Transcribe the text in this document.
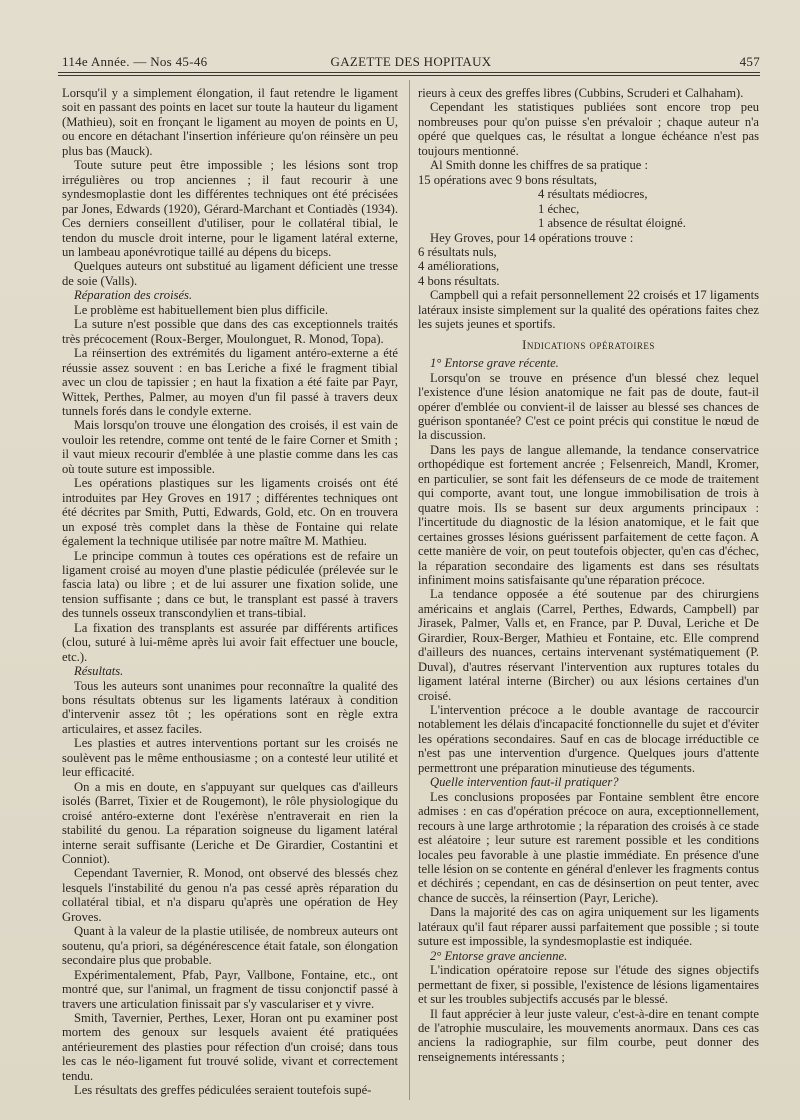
114e Année. — Nos 45-46	GAZETTE DES HOPITAUX	457

Lorsqu'il y a simplement élongation, il faut retendre le ligament soit en passant des points en lacet sur toute la hauteur du ligament (Mathieu), soit en fronçant le ligament au moyen de points en U, ou encore en détachant l'insertion inférieure qu'on réinsère un peu plus bas (Mauck).

Toute suture peut être impossible ; les lésions sont trop irrégulières ou trop anciennes ; il faut recourir à une syndesmoplastie dont les différentes techniques ont été précisées par Jones, Edwards (1920), Gérard-Marchant et Contiadès (1934). Ces derniers conseillent d'utiliser, pour le collatéral tibial, le tendon du muscle droit interne, pour le ligament latéral externe, un lambeau aponévrotique taillé au dépens du biceps.

Quelques auteurs ont substitué au ligament déficient une tresse de soie (Valls).

Réparation des croisés.

Le problème est habituellement bien plus difficile.

La suture n'est possible que dans des cas exceptionnels traités très précocement (Roux-Berger, Moulonguet, R. Monod, Topa).

La réinsertion des extrémités du ligament antéro-externe a été réussie assez souvent : en bas Leriche a fixé le fragment tibial avec un clou de tapissier ; en haut la fixation a été faite par Payr, Wittek, Perthes, Palmer, au moyen d'un fil passé à travers deux tunnels forés dans le condyle externe.

Mais lorsqu'on trouve une élongation des croisés, il est vain de vouloir les retendre, comme ont tenté de le faire Corner et Smith ; il vaut mieux recourir d'emblée à une plastie comme dans les cas où toute suture est impossible.

Les opérations plastiques sur les ligaments croisés ont été introduites par Hey Groves en 1917 ; différentes techniques ont été décrites par Smith, Putti, Edwards, Gold, etc. On en trouvera un exposé très complet dans la thèse de Fontaine qui relate également la technique utilisée par notre maître M. Mathieu.

Le principe commun à toutes ces opérations est de refaire un ligament croisé au moyen d'une plastie pédiculée (prélevée sur le fascia lata) ou libre ; et de lui assurer une fixation solide, une tension suffisante ; dans ce but, le transplant est passé à travers des tunnels osseux transcondylien et trans-tibial.

La fixation des transplants est assurée par différents artifices (clou, suturé à lui-même après lui avoir fait effectuer une boucle, etc.).

Résultats.

Tous les auteurs sont unanimes pour reconnaître la qualité des bons résultats obtenus sur les ligaments latéraux à condition d'intervenir assez tôt ; les opérations sont en règle extra articulaires, et assez faciles.

Les plasties et autres interventions portant sur les croisés ne soulèvent pas le même enthousiasme ; on a contesté leur utilité et leur efficacité.

On a mis en doute, en s'appuyant sur quelques cas d'ailleurs isolés (Barret, Tixier et de Rougemont), le rôle physiologique du croisé antéro-externe dont l'exérèse n'entraverait en rien la stabilité du genou. La réparation soigneuse du ligament latéral interne serait suffisante (Leriche et De Girardier, Costantini et Conniot).

Cependant Tavernier, R. Monod, ont observé des blessés chez lesquels l'instabilité du genou n'a pas cessé après réparation du collatéral tibial, et n'a disparu qu'après une opération de Hey Groves.

Quant à la valeur de la plastie utilisée, de nombreux auteurs ont soutenu, qu'a priori, sa dégénérescence était fatale, son élongation secondaire plus que probable.

Expérimentalement, Pfab, Payr, Vallbone, Fontaine, etc., ont montré que, sur l'animal, un fragment de tissu conjonctif passé à travers une articulation finissait par s'y vasculariser et y vivre.

Smith, Tavernier, Perthes, Lexer, Horan ont pu examiner post mortem des genoux sur lesquels avaient été pratiquées antérieurement des plasties pour réfection d'un croisé; dans tous les cas le néo-ligament fut trouvé solide, vivant et correctement tendu.

Les résultats des greffes pédiculées seraient toutefois supé-

rieurs à ceux des greffes libres (Cubbins, Scruderi et Calhaham).

Cependant les statistiques publiées sont encore trop peu nombreuses pour qu'on puisse s'en prévaloir ; chaque auteur n'a opéré que quelques cas, le résultat a longue échéance n'est pas toujours mentionné.

Al Smith donne les chiffres de sa pratique :

15 opérations avec 9 bons résultats,

4 résultats médiocres,

1 échec,

1 absence de résultat éloigné.

Hey Groves, pour 14 opérations trouve :

6 résultats nuls,

4 améliorations,

4 bons résultats.

Campbell qui a refait personnellement 22 croisés et 17 ligaments latéraux insiste simplement sur la qualité des opérations faites chez les sujets jeunes et sportifs.

Indications opératoires

1° Entorse grave récente.

Lorsqu'on se trouve en présence d'un blessé chez lequel l'existence d'une lésion anatomique ne fait pas de doute, faut-il opérer d'emblée ou convient-il de laisser au blessé ses chances de guérison spontanée? C'est ce point précis qui constitue le nœud de la discussion.

Dans les pays de langue allemande, la tendance conservatrice orthopédique est fortement ancrée ; Felsenreich, Mandl, Kromer, en particulier, se sont fait les défenseurs de ce mode de traitement qui comporte, avant tout, une longue immobilisation de trois à quatre mois. Ils se basent sur deux arguments principaux : l'incertitude du diagnostic de la lésion anatomique, et le fait que certaines grosses lésions guérissent parfaitement de cette façon. A cette manière de voir, on peut toutefois objecter, qu'en cas d'échec, la réparation secondaire des ligaments est dans ses résultats infiniment moins satisfaisante qu'une réparation précoce.

La tendance opposée a été soutenue par des chirurgiens américains et anglais (Carrel, Perthes, Edwards, Campbell) par Jirasek, Palmer, Valls et, en France, par P. Duval, Leriche et De Girardier, Roux-Berger, Mathieu et Fontaine, etc. Elle comprend d'ailleurs des nuances, certains intervenant systématiquement (P. Duval), d'autres réservant l'intervention aux ruptures totales du ligament latéral interne (Bircher) ou aux lésions certaines d'un croisé.

L'intervention précoce a le double avantage de raccourcir notablement les délais d'incapacité fonctionnelle du sujet et d'éviter les opérations secondaires. Sauf en cas de blocage irréductible ce n'est pas une intervention d'urgence. Quelques jours d'attente permettront une préparation minutieuse des téguments.

Quelle intervention faut-il pratiquer?

Les conclusions proposées par Fontaine semblent être encore admises : en cas d'opération précoce on aura, exceptionnellement, recours à une large arthrotomie ; la réparation des croisés à ce stade est aléatoire ; leur suture est rarement possible et les conditions locales peu favorable à une plastie immédiate. En présence d'une telle lésion on se contente en général d'enlever les fragments contus et déchirés ; cependant, en cas de désinsertion on peut tenter, avec chance de succès, la réinsertion (Payr, Leriche).

Dans la majorité des cas on agira uniquement sur les ligaments latéraux qu'il faut réparer aussi parfaitement que possible ; si toute suture est impossible, la syndesmoplastie est indiquée.

2° Entorse grave ancienne.

L'indication opératoire repose sur l'étude des signes objectifs permettant de fixer, si possible, l'existence de lésions ligamentaires et sur les troubles subjectifs accusés par le blessé.

Il faut apprécier à leur juste valeur, c'est-à-dire en tenant compte de l'atrophie musculaire, les mouvements anormaux. Dans ces cas anciens la radiographie, sur film courbe, peut donner des renseignements intéressants ;
